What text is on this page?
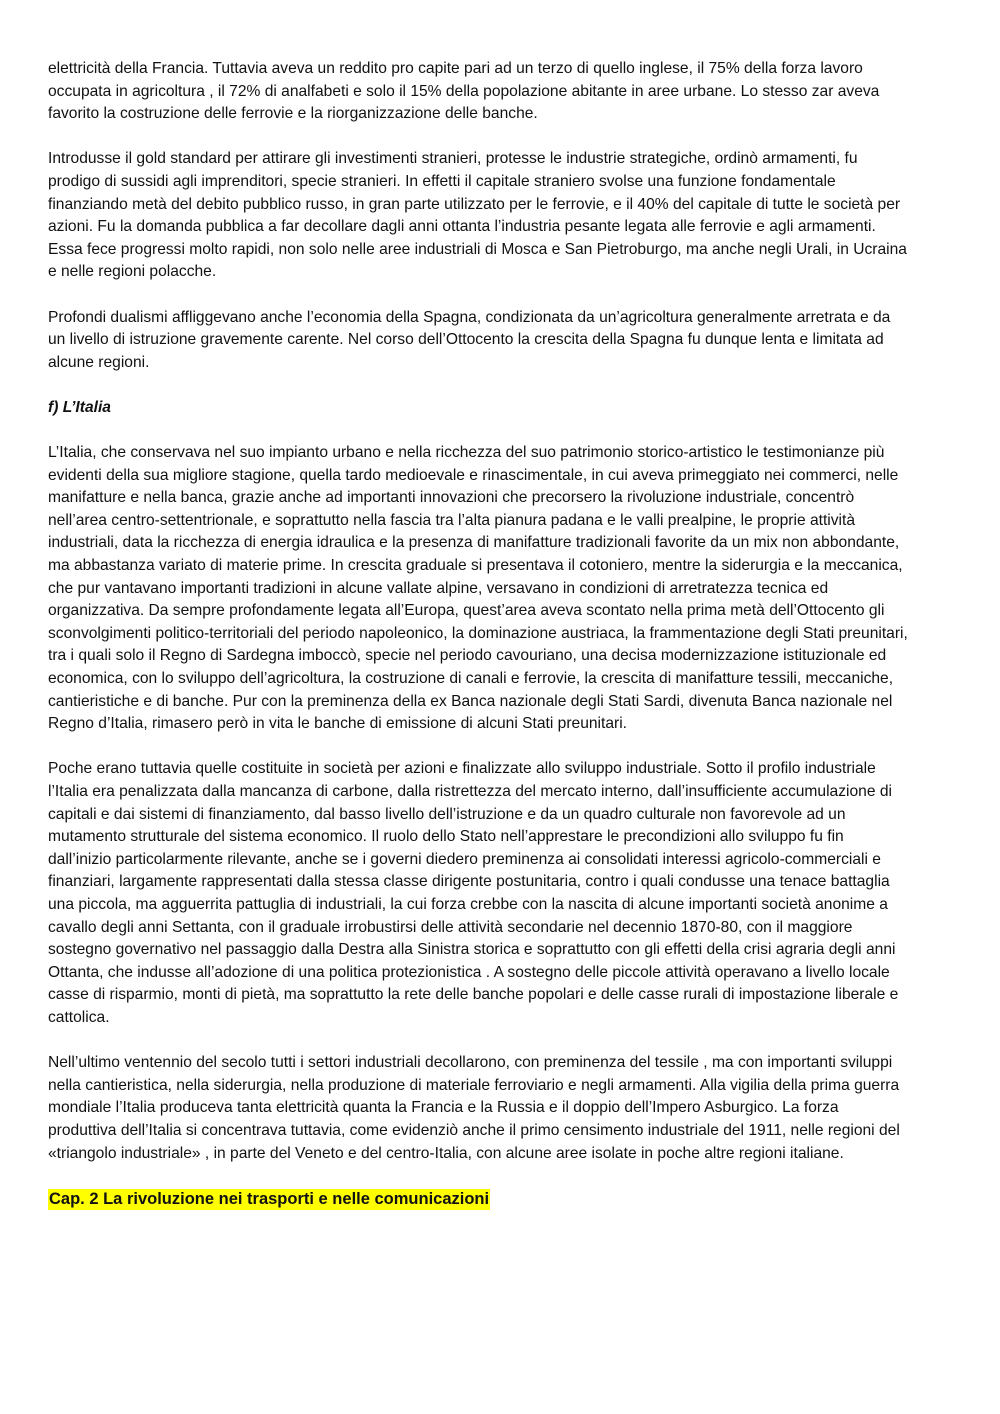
elettricità della Francia. Tuttavia aveva un reddito pro capite pari ad un terzo di quello inglese, il 75% della forza lavoro occupata in agricoltura , il 72% di analfabeti e solo il 15% della popolazione abitante in aree urbane. Lo stesso zar aveva favorito la costruzione delle ferrovie e la riorganizzazione delle banche.

Introdusse il gold standard per attirare gli investimenti stranieri, protesse le industrie strategiche, ordinò armamenti, fu prodigo di sussidi agli imprenditori, specie stranieri. In effetti il capitale straniero svolse una funzione fondamentale finanziando metà del debito pubblico russo, in gran parte utilizzato per le ferrovie, e il 40% del capitale di tutte le società per azioni. Fu la domanda pubblica a far decollare dagli anni ottanta l’industria pesante legata alle ferrovie e agli armamenti. Essa fece progressi molto rapidi, non solo nelle aree industriali di Mosca e San Pietroburgo, ma anche negli Urali, in Ucraina e nelle regioni polacche.

Profondi dualismi affliggevano anche l’economia della Spagna, condizionata da un’agricoltura generalmente arretrata e da un livello di istruzione gravemente carente. Nel corso dell’Ottocento la crescita della Spagna fu dunque lenta e limitata ad alcune regioni.

f) L’Italia

L’Italia, che conservava nel suo impianto urbano e nella ricchezza del suo patrimonio storico-artistico le testimonianze più evidenti della sua migliore stagione, quella tardo medioevale e rinascimentale, in cui aveva primeggiato nei commerci, nelle manifatture e nella banca, grazie anche ad importanti innovazioni che precorsero la rivoluzione industriale, concentrò nell’area centro-settentrionale, e soprattutto nella fascia tra l’alta pianura padana e le valli prealpine, le proprie attività industriali, data la ricchezza di energia idraulica e la presenza di manifatture tradizionali favorite da un mix non abbondante, ma abbastanza variato di materie prime. In crescita graduale si presentava il cotoniero, mentre la siderurgia e la meccanica, che pur vantavano importanti tradizioni in alcune vallate alpine, versavano in condizioni di arretratezza tecnica ed organizzativa. Da sempre profondamente legata all’Europa, quest’area aveva scontato nella prima metà dell’Ottocento gli sconvolgimenti politico-territoriali del periodo napoleonico, la dominazione austriaca, la frammentazione degli Stati preunitari, tra i quali solo il Regno di Sardegna imboccò, specie nel periodo cavouriano, una decisa modernizzazione istituzionale ed economica, con lo sviluppo dell’agricoltura, la costruzione di canali e ferrovie, la crescita di manifatture tessili, meccaniche, cantieristiche e di banche. Pur con la preminenza della ex Banca nazionale degli Stati Sardi, divenuta Banca nazionale nel Regno d’Italia, rimasero però in vita le banche di emissione di alcuni Stati preunitari.

Poche erano tuttavia quelle costituite in società per azioni e finalizzate allo sviluppo industriale. Sotto il profilo industriale l’Italia era penalizzata dalla mancanza di carbone, dalla ristrettezza del mercato interno, dall’insufficiente accumulazione di capitali e dai sistemi di finanziamento, dal basso livello dell’istruzione e da un quadro culturale non favorevole ad un mutamento strutturale del sistema economico. Il ruolo dello Stato nell’apprestare le precondizioni allo sviluppo fu fin dall’inizio particolarmente rilevante, anche se i governi diedero preminenza ai consolidati interessi agricolo-commerciali e finanziari, largamente rappresentati dalla stessa classe dirigente postunitaria, contro i quali condusse una tenace battaglia una piccola, ma agguerrita pattuglia di industriali, la cui forza crebbe con la nascita di alcune importanti società anonime a cavallo degli anni Settanta, con il graduale irrobustirsi delle attività secondarie nel decennio 1870-80, con il maggiore sostegno governativo nel passaggio dalla Destra alla Sinistra storica e soprattutto con gli effetti della crisi agraria degli anni Ottanta, che indusse all’adozione di una politica protezionistica . A sostegno delle piccole attività operavano a livello locale casse di risparmio, monti di pietà, ma soprattutto la rete delle banche popolari e delle casse rurali di impostazione liberale e cattolica.

Nell’ultimo ventennio del secolo tutti i settori industriali decollarono, con preminenza del tessile , ma con importanti sviluppi nella cantieristica, nella siderurgia, nella produzione di materiale ferroviario e negli armamenti. Alla vigilia della prima guerra mondiale l’Italia produceva tanta elettricità quanta la Francia e la Russia e il doppio dell’Impero Asburgico. La forza produttiva dell’Italia si concentrava tuttavia, come evidenziò anche il primo censimento industriale del 1911, nelle regioni del «triangolo industriale» , in parte del Veneto e del centro-Italia, con alcune aree isolate in poche altre regioni italiane.

Cap. 2 La rivoluzione nei trasporti e nelle comunicazioni
